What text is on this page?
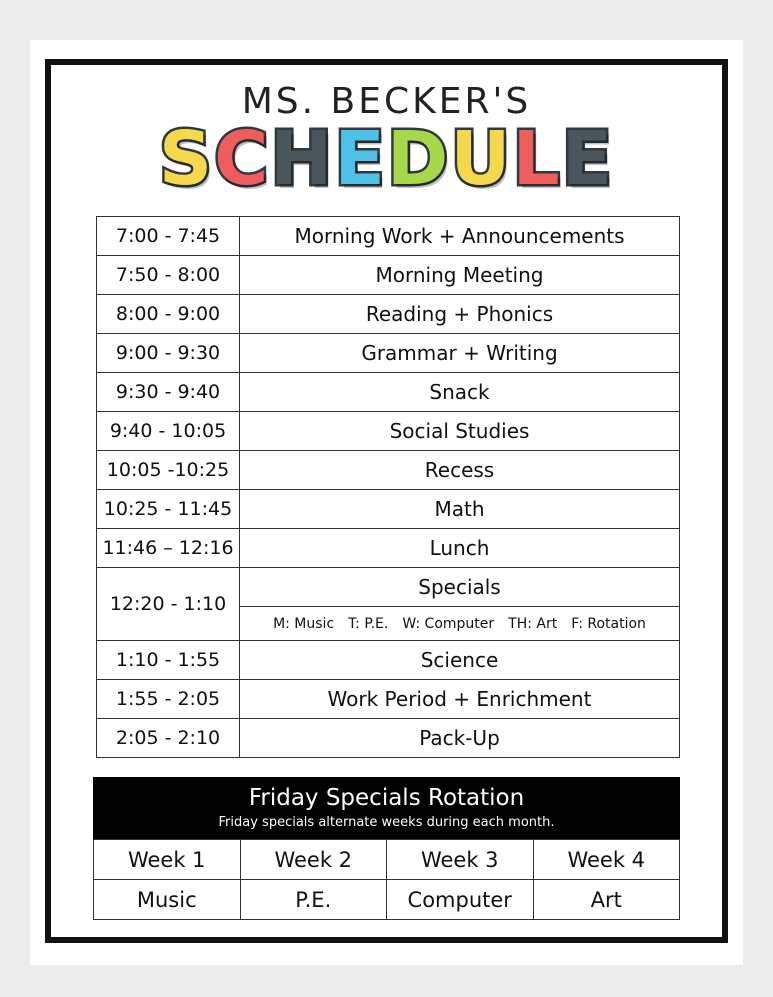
MS. BECKER'S
SCHEDULE
7:00 - 7:45	Morning Work + Announcements
7:50 - 8:00	Morning Meeting
8:00 - 9:00	Reading + Phonics
9:00 - 9:30	Grammar + Writing
9:30 - 9:40	Snack
9:40 - 10:05	Social Studies
10:05 -10:25	Recess
10:25 - 11:45	Math
11:46 – 12:16	Lunch
12:20 - 1:10	Specials
	M: Music T: P.E. W: Computer TH: Art F: Rotation
1:10 - 1:55	Science
1:55 - 2:05	Work Period + Enrichment
2:05 - 2:10	Pack-Up
Friday Specials Rotation
Friday specials alternate weeks during each month.
Week 1	Week 2	Week 3	Week 4
Music	P.E.	Computer	Art
